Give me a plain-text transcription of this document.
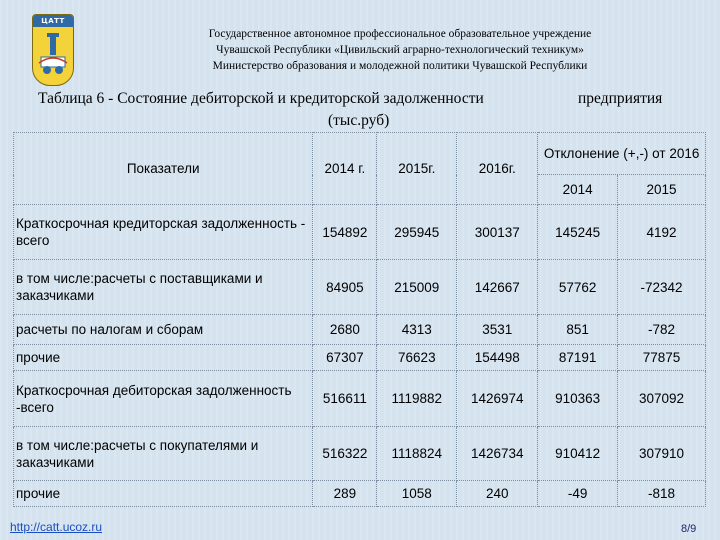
ЦАТТ
Государственное автономное профессиональное образовательное учреждение
Чувашской Республики «Цивильский аграрно-технологический техникум»
Министерство образования и молодежной политики Чувашской Республики
Таблица 6 - Состояние дебиторской и кредиторской задолженности	предприятия
(тыс.руб)
Показатели	2014 г.	2015г.	2016г.	Отклонение (+,-) от 2016	
				2014	2015
Краткосрочная кредиторская задолженность - всего	154892	295945	300137	145245	4192
в том числе:расчеты с поставщиками и заказчиками	84905	215009	142667	57762	-72342
расчеты по налогам и сборам	2680	4313	3531	851	-782
прочие	67307	76623	154498	87191	77875
Краткосрочная дебиторская задолженность -всего	516611	1119882	1426974	910363	307092
в том числе:расчеты с покупателями и заказчиками	516322	1118824	1426734	910412	307910
прочие	289	1058	240	-49	-818
http://catt.ucoz.ru	8/9
